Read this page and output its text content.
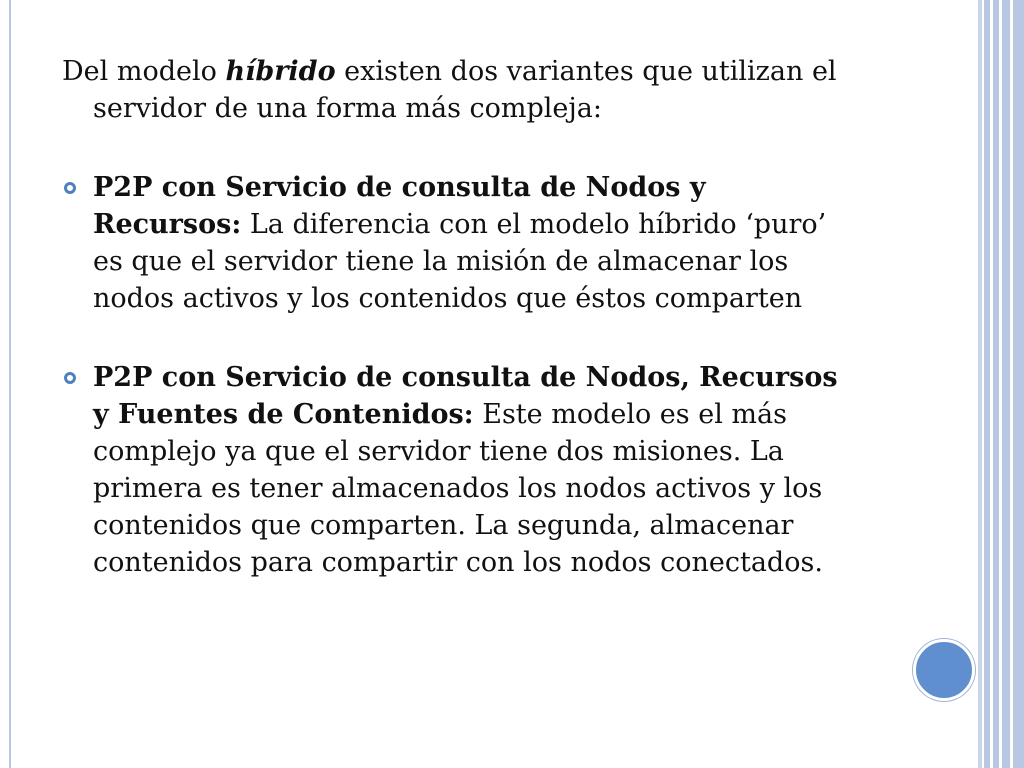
Del modelo híbrido existen dos variantes que utilizan el servidor de una forma más compleja:

P2P con Servicio de consulta de Nodos y Recursos: La diferencia con el modelo híbrido ‘puro’ es que el servidor tiene la misión de almacenar los nodos activos y los contenidos que éstos comparten
P2P con Servicio de consulta de Nodos, Recursos y Fuentes de Contenidos: Este modelo es el más complejo ya que el servidor tiene dos misiones. La primera es tener almacenados los nodos activos y los contenidos que comparten. La segunda, almacenar contenidos para compartir con los nodos conectados.
